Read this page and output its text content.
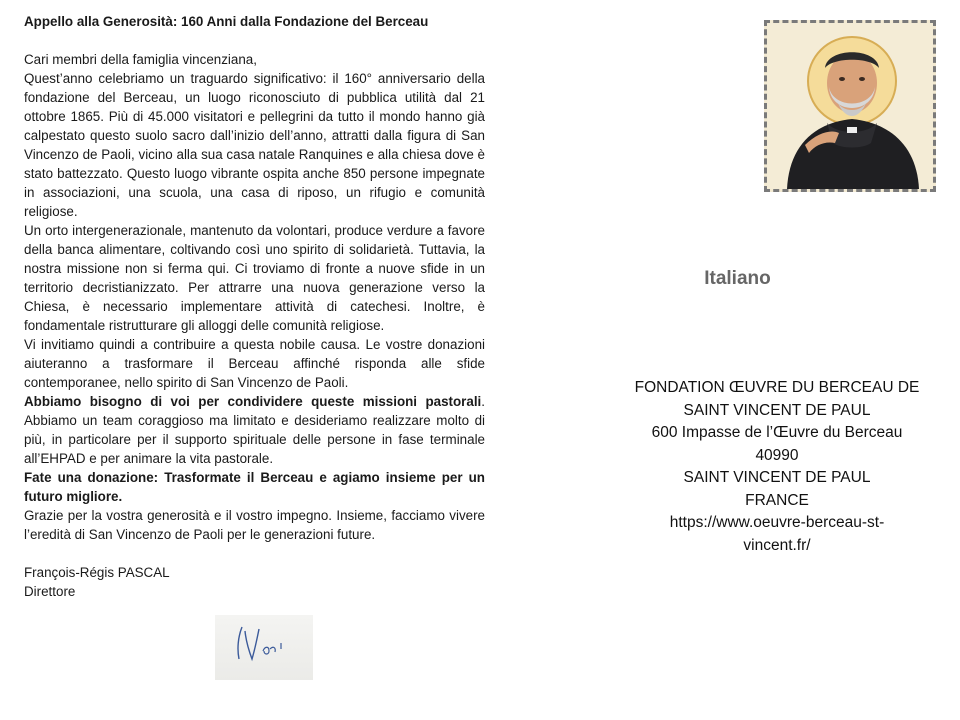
Appello alla Generosità: 160 Anni dalla Fondazione del Berceau

Cari membri della famiglia vincenziana,

Quest’anno celebriamo un traguardo significativo: il 160° anniversario della fondazione del Berceau, un luogo riconosciuto di pubblica utilità dal 21 ottobre 1865. Più di 45.000 visitatori e pellegrini da tutto il mondo hanno già calpestato questo suolo sacro dall’inizio dell’anno, attratti dalla figura di San Vincenzo de Paoli, vicino alla sua casa natale Ranquines e alla chiesa dove è stato battezzato. Questo luogo vibrante ospita anche 850 persone impegnate in associazioni, una scuola, una casa di riposo, un rifugio e comunità religiose.

Un orto intergenerazionale, mantenuto da volontari, produce verdure a favore della banca alimentare, coltivando così uno spirito di solidarietà. Tuttavia, la nostra missione non si ferma qui. Ci troviamo di fronte a nuove sfide in un territorio decristianizzato. Per attrarre una nuova generazione verso la Chiesa, è necessario implementare attività di catechesi. Inoltre, è fondamentale ristrutturare gli alloggi delle comunità religiose.

Vi invitiamo quindi a contribuire a questa nobile causa. Le vostre donazioni aiuteranno a trasformare il Berceau affinché risponda alle sfide contemporanee, nello spirito di San Vincenzo de Paoli.

Abbiamo bisogno di voi per condividere queste missioni pastorali. Abbiamo un team coraggioso ma limitato e desideriamo realizzare molto di più, in particolare per il supporto spirituale delle persone in fase terminale all’EHPAD e per animare la vita pastorale.

Fate una donazione: Trasformate il Berceau e agiamo insieme per un futuro migliore.

Grazie per la vostra generosità e il vostro impegno. Insieme, facciamo vivere l’eredità di San Vincenzo de Paoli per le generazioni future.

François-Régis PASCAL

Direttore

Italiano
FONDATION ŒUVRE DU BERCEAU DE
SAINT VINCENT DE PAUL
600 Impasse de l’Œuvre du Berceau
40990
SAINT VINCENT DE PAUL
FRANCE
https://www.oeuvre-berceau-st-
vincent.fr/
